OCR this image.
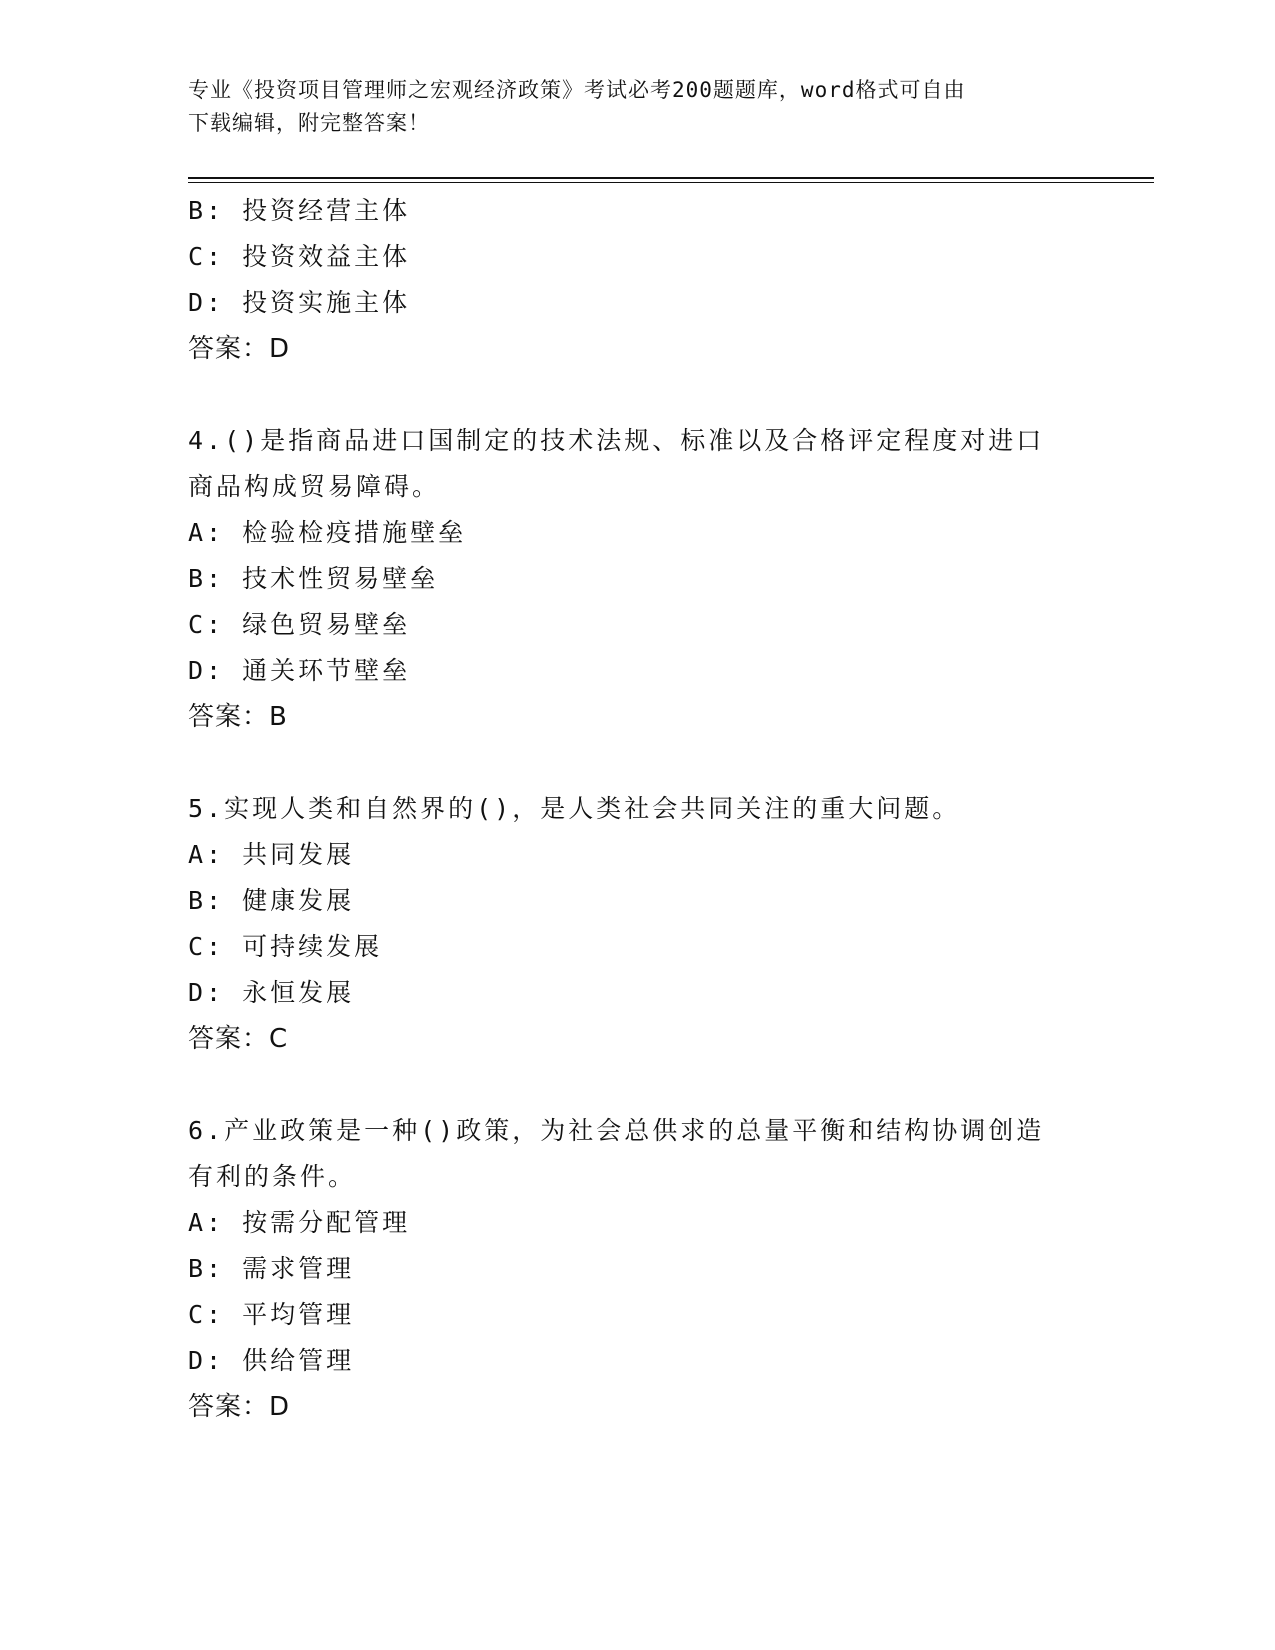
专业《投资项目管理师之宏观经济政策》考试必考200题题库，word格式可自由
下载编辑，附完整答案！
B: 投资经营主体
C: 投资效益主体
D: 投资实施主体
答案：D
4.()是指商品进口国制定的技术法规、标准以及合格评定程度对进口
商品构成贸易障碍。
A: 检验检疫措施壁垒
B: 技术性贸易壁垒
C: 绿色贸易壁垒
D: 通关环节壁垒
答案：B
5.实现人类和自然界的()，是人类社会共同关注的重大问题。
A: 共同发展
B: 健康发展
C: 可持续发展
D: 永恒发展
答案：C
6.产业政策是一种()政策，为社会总供求的总量平衡和结构协调创造
有利的条件。
A: 按需分配管理
B: 需求管理
C: 平均管理
D: 供给管理
答案：D
